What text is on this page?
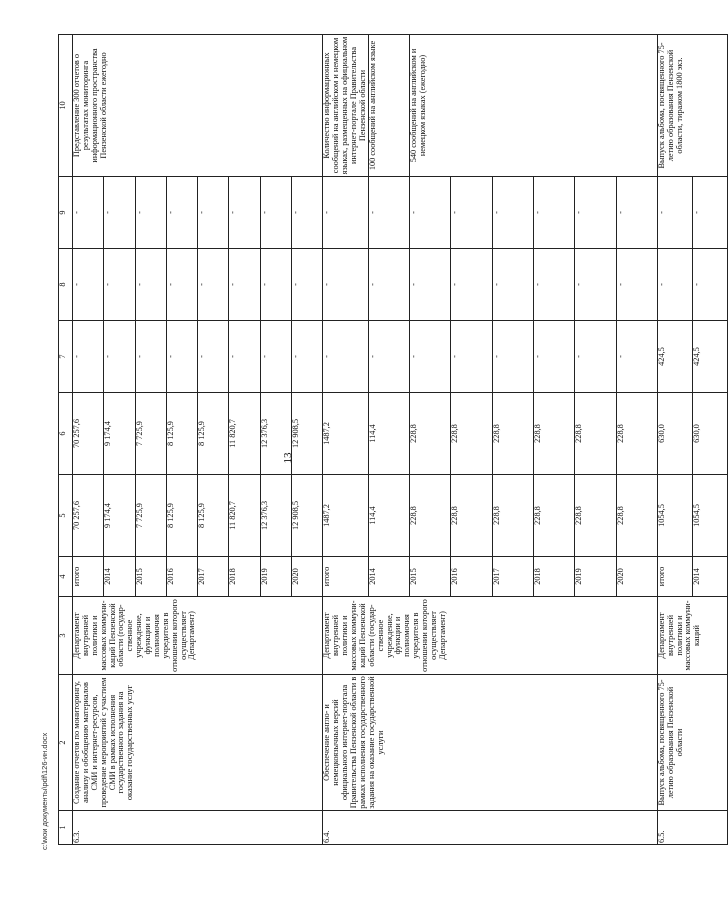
13
1	2	3	4	5	6	7	8	9	10
6.3.	Создание отчетов по мониторингу, анализу и обобщению материалов СМИ и интернет-ресурсов, проведение мероприятий с участием СМИ в рамках исполнения государственного задания на оказание государственных услуг	Департамент внутренней политики и массовых коммуни-каций Пензенской области (государ-ственное учреждение, функции и полномочия учредителя в отношении которого осуществляет Департамент)	итого	70 257,6	70 257,6	-	-	-	Представление 300 отчетов о результатах мониторинга информационного пространства Пензенской области ежегодно
			2014	9 174,4	9 174,4	-	-	-	
			2015	7 725,9	7 725,9	-	-	-	
			2016	8 125,9	8 125,9	-	-	-	
			2017	8 125,9	8 125,9	-	-	-	
			2018	11 820,7	11 820,7	-	-	-	
			2019	12 376,3	12 376,3	-	-	-	
			2020	12 908,5	12 908,5	-	-	-	
6.4.	Обеспечение англо- и немецкоязычных версий официального интернет-портала Правительства Пензенской области в рамках исполнения государственного задания на оказание государственной услуги	Департамент внутренней политики и массовых коммуни-каций Пензенской области (государ-ственное учреждение, функции и полномочия учредителя в отношении которого осуществляет Департамент)	итого	1487,2	1487,2	-	-	-	Количество информационных сообщений на английском и немецком языках, размещенных на официальном интернет-портале Правительства Пензенской области
			2014	114,4	114,4	-	-	-	100 сообщений на английском языке
			2015	228,8	228,8	-	-	-	540 сообщений на английском и немецком языках (ежегодно)
			2016	228,8	228,8	-	-	-	
			2017	228,8	228,8	-	-	-	
			2018	228,8	228,8	-	-	-	
			2019	228,8	228,8	-	-	-	
			2020	228,8	228,8	-	-	-	
6.5.	Выпуск альбома, посвященного 75-летию образования Пензенской области	Департамент внутренней политики и массовых коммуни-каций	итого	1054,5	630,0	424,5	-	-	Выпуск альбома, посвященного 75-летию образования Пензенской области, тиражом 1800 экз.
			2014	1054,5	630,0	424,5	-	-	
c:\мои документы\pdf\126-ин.docx
